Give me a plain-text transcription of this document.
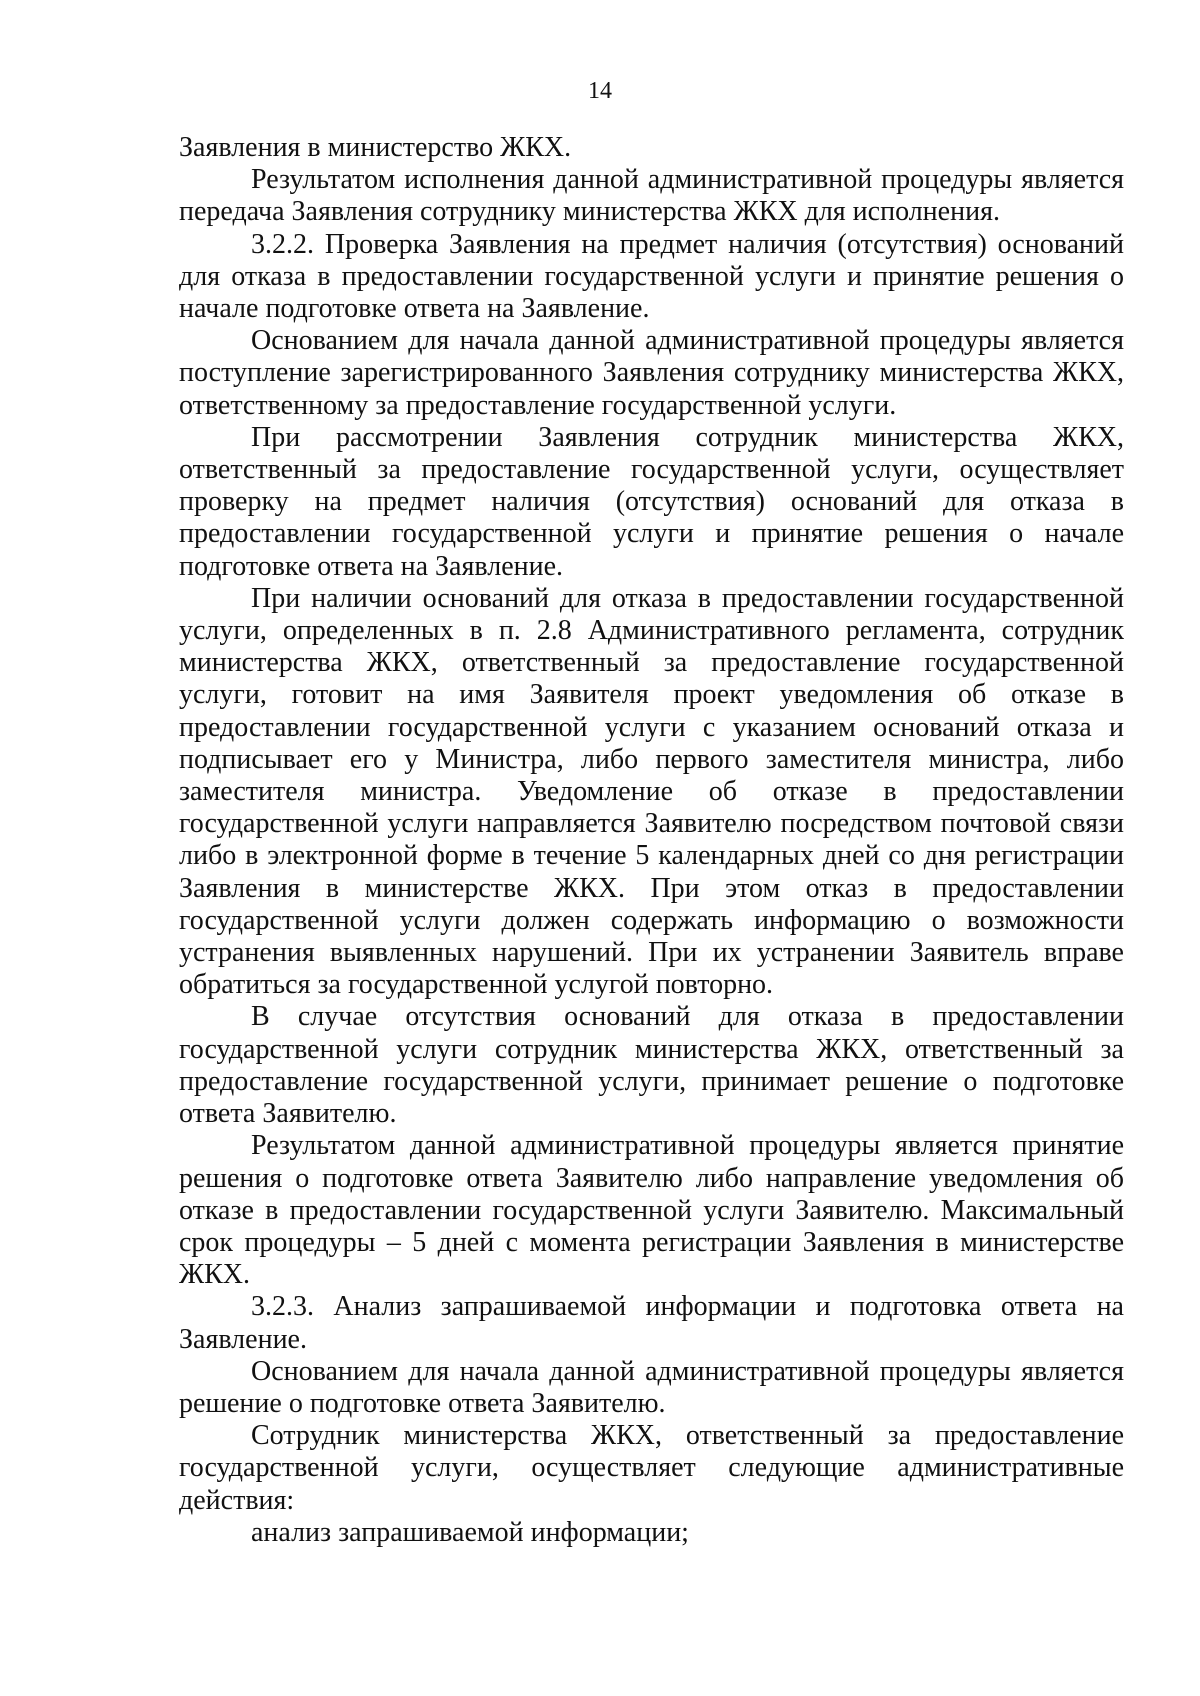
14

Заявления в министерство ЖКХ.

Результатом исполнения данной административной процедуры является передача Заявления сотруднику министерства ЖКХ для исполнения.

3.2.2. Проверка Заявления на предмет наличия (отсутствия) оснований для отказа в предоставлении государственной услуги и принятие решения о начале подготовке ответа на Заявление.

Основанием для начала данной административной процедуры является поступление зарегистрированного Заявления сотруднику министерства ЖКХ, ответственному за предоставление государственной услуги.

При рассмотрении Заявления сотрудник министерства ЖКХ, ответственный за предоставление государственной услуги, осуществляет проверку на предмет наличия (отсутствия) оснований для отказа в предоставлении государственной услуги и принятие решения о начале подготовке ответа на Заявление.

При наличии оснований для отказа в предоставлении государственной услуги, определенных в п. 2.8 Административного регламента, сотрудник министерства ЖКХ, ответственный за предоставление государственной услуги, готовит на имя Заявителя проект уведомления об отказе в предоставлении государственной услуги с указанием оснований отказа и подписывает его у Министра, либо первого заместителя министра, либо заместителя министра. Уведомление об отказе в предоставлении государственной услуги направляется Заявителю посредством почтовой связи либо в электронной форме в течение 5 календарных дней со дня регистрации Заявления в министерстве ЖКХ. При этом отказ в предоставлении государственной услуги должен содержать информацию о возможности устранения выявленных нарушений. При их устранении Заявитель вправе обратиться за государственной услугой повторно.

В случае отсутствия оснований для отказа в предоставлении государственной услуги сотрудник министерства ЖКХ, ответственный за предоставление государственной услуги, принимает решение о подготовке ответа Заявителю.

Результатом данной административной процедуры является принятие решения о подготовке ответа Заявителю либо направление уведомления об отказе в предоставлении государственной услуги Заявителю. Максимальный срок процедуры – 5 дней с момента регистрации Заявления в министерстве ЖКХ.

3.2.3. Анализ запрашиваемой информации и подготовка ответа на Заявление.

Основанием для начала данной административной процедуры является решение о подготовке ответа Заявителю.

Сотрудник министерства ЖКХ, ответственный за предоставление государственной услуги, осуществляет следующие административные действия:

анализ запрашиваемой информации;
